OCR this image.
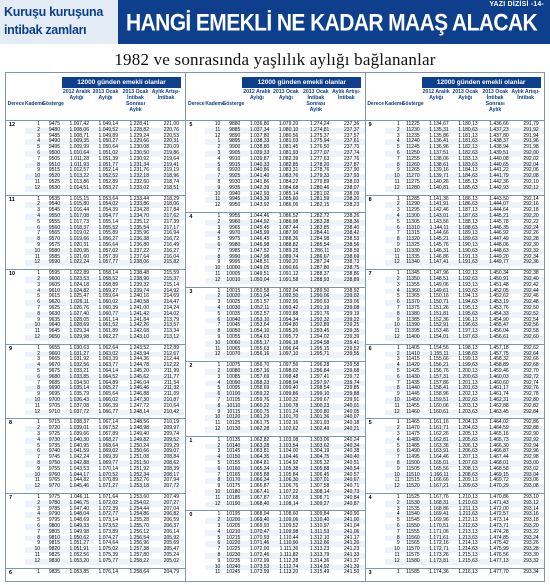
Kuruşu kuruşuna
intibak zamları
YAZI DİZİSİ -14-
HANGİ EMEKLİ NE KADAR MAAŞ ALACAK
1982 ve sonrasında yaşlılık aylığı bağlananlar
12000 günden emekli olanlar
Derece Kademe
Gösterge
2012 Aralık Aylığı
2013 Ocak Aylığı
2013 Ocak İntibak Sonrası Aylık
Aylık Artışı-İntibak
12	1	9475	1.007,42	1.049,14	1.228,41	221,00
2	9480	1.008,06	1.049,52	1.228,82	220,76
3	9485	1.008,71	1.049,89	1.229,24	220,53
4	9490	1.009,35	1.050,27	1.229,66	220,31
5	9495	1.009,99	1.050,64	1.230,08	220,09
6	9500	1.010,64	1.051,02	1.230,50	219,86
7	9505	1.011,28	1.051,39	1.230,92	219,64
8	9510	1.011,93	1.051,77	1.231,34	219,41
9	9515	1.012,57	1.052,14	1.231,76	219,19
10	9520	1.013,22	1.052,52	1.232,18	218,96
11	9525	1.013,86	1.052,89	1.232,60	218,74
12	9530	1.014,51	1.053,27	1.233,02	218,51
11	1	9535	1.015,15	1.053,64	1.233,44	218,29
2	9540	1.015,80	1.054,02	1.233,86	218,06
3	9545	1.016,44	1.054,39	1.234,28	217,84
4	9550	1.017,08	1.054,77	1.234,70	217,62
5	9555	1.017,73	1.055,14	1.235,12	217,39
6	9560	1.018,37	1.055,52	1.235,54	217,17
7	9565	1.019,02	1.055,89	1.235,96	216,94
8	9570	1.019,66	1.056,27	1.236,38	216,72
9	9575	1.020,31	1.056,64	1.236,80	216,49
10	9580	1.020,95	1.057,02	1.237,22	216,27
11	9585	1.021,60	1.057,39	1.237,64	216,04
12	9590	1.022,24	1.057,77	1.238,06	215,82
10	1	9595	1.022,89	1.058,14	1.238,48	215,59
2	9600	1.023,53	1.058,52	1.238,90	215,37
3	9605	1.024,18	1.058,89	1.239,32	215,14
4	9610	1.024,82	1.059,27	1.239,74	214,92
5	9615	1.025,47	1.059,64	1.240,16	214,69
6	9620	1.026,11	1.060,02	1.240,58	214,47
7	9625	1.026,76	1.060,39	1.241,00	214,24
8	9630	1.027,40	1.060,77	1.241,42	214,02
9	9635	1.028,05	1.061,14	1.241,84	213,79
10	9640	1.028,69	1.061,52	1.242,26	213,57
11	9645	1.029,34	1.061,89	1.242,68	213,34
12	9650	1.029,98	1.062,27	1.243,10	213,12
9	1	9655	1.030,63	1.062,64	1.243,52	212,89
2	9660	1.031,27	1.063,02	1.243,94	212,67
3	9665	1.031,92	1.063,39	1.244,36	212,44
4	9670	1.032,56	1.063,77	1.244,78	212,22
5	9675	1.033,21	1.064,14	1.245,20	211,99
6	9680	1.033,85	1.064,52	1.245,62	211,77
7	9685	1.034,50	1.064,89	1.246,04	211,54
8	9690	1.035,14	1.065,27	1.246,46	211,32
9	9695	1.035,79	1.065,64	1.246,88	211,09
10	9700	1.036,43	1.066,02	1.247,30	210,87
11	9705	1.037,08	1.066,39	1.247,72	210,64
12	9710	1.037,72	1.066,77	1.248,14	210,42
8	1	9715	1.038,37	1.067,14	1.248,56	210,19
2	9720	1.039,01	1.067,52	1.248,98	209,97
3	9725	1.039,66	1.067,89	1.249,40	209,74
4	9730	1.040,30	1.068,27	1.249,82	209,52
5	9735	1.040,95	1.068,64	1.250,24	209,29
6	9740	1.041,59	1.069,02	1.250,66	209,07
7	9745	1.042,24	1.069,39	1.251,08	208,84
8	9750	1.042,88	1.069,77	1.251,50	208,62
9	9755	1.043,53	1.070,14	1.251,92	208,39
10	9760	1.044,17	1.070,52	1.252,34	208,17
11	9765	1.044,82	1.070,89	1.252,76	207,94
12	9770	1.045,46	1.071,27	1.253,18	207,72
7	1	9775	1.046,11	1.071,64	1.253,60	207,49
2	9780	1.046,75	1.072,02	1.254,02	207,27
3	9785	1.047,40	1.072,39	1.254,44	207,04
4	9790	1.048,04	1.072,77	1.254,86	206,82
5	9795	1.048,69	1.073,14	1.255,28	206,59
6	9800	1.049,33	1.073,52	1.255,70	206,37
7	9805	1.049,98	1.073,89	1.256,12	206,14
8	9810	1.050,62	1.074,27	1.256,54	205,92
9	9815	1.051,27	1.074,64	1.256,96	205,69
10	9820	1.051,91	1.075,02	1.257,38	205,47
11	9825	1.052,56	1.075,39	1.257,80	205,24
12	9830	1.053,20	1.075,77	1.258,22	205,02
6	1	9835	1.053,85	1.076,14	1.258,64	204,79
12000 günden emekli olanlar
Derece Kademe
Gösterge
2012 Aralık Aylığı
2013 Ocak Aylığı
2013 Ocak İntibak Sonrası Aylık
Aylık Artışı-İntibak
5	10	9880	1.036,80	1.079,20	1.274,24	237,36
11	9885	1.037,34	1.080,10	1.274,81	237,37
12	9890	1.037,80	1.080,56	1.275,37	237,57
1	9895	1.038,33	1.081,03	1.275,94	237,61
2	9900	1.038,80	1.081,45	1.276,50	237,70
3	9905	1.039,33	1.081,93	1.277,07	237,74
4	9910	1.039,87	1.082,39	1.277,63	237,76
5	9915	1.040,33	1.082,85	1.278,20	237,87
6	9920	1.040,86	1.083,31	1.278,76	237,90
7	9925	1.041,40	1.083,76	1.279,33	237,93
8	9930	1.041,86	1.084,22	1.279,89	238,03
9	9935	1.042,39	1.084,68	1.280,46	238,07
10	9940	1.042,93	1.085,14	1.281,02	238,09
11	9945	1.043,39	1.085,60	1.281,59	238,20
12	9950	1.043,92	1.086,06	1.282,15	238,23
4	1	9955	1.044,46	1.086,52	1.282,72	238,26
2	9960	1.044,92	1.086,98	1.283,28	238,36
3	9965	1.045,45	1.087,44	1.283,85	238,40
4	9970	1.045,99	1.087,90	1.284,41	238,42
5	9975	1.046,45	1.088,36	1.284,98	238,53
6	9980	1.046,98	1.088,82	1.285,54	238,56
7	9985	1.047,52	1.089,28	1.286,11	238,59
8	9990	1.047,98	1.089,74	1.286,67	238,69
9	9995	1.048,51	1.090,20	1.287,24	238,73
10	10000	1.049,05	1.090,66	1.287,80	238,75
11	10005	1.049,51	1.091,12	1.288,37	238,86
12	10010	1.050,04	1.091,58	1.288,93	238,89
3	1	10015	1.050,58	1.092,04	1.289,50	238,92
2	10020	1.051,04	1.092,50	1.290,06	239,02
3	10025	1.051,57	1.092,96	1.290,63	239,06
4	10030	1.052,11	1.093,42	1.291,19	239,08
5	10035	1.052,57	1.093,88	1.291,76	239,19
6	10040	1.053,10	1.094,34	1.292,32	239,22
7	10045	1.053,64	1.094,80	1.292,89	239,25
8	10050	1.054,10	1.095,26	1.293,45	239,35
9	10055	1.054,63	1.095,72	1.294,02	239,39
10	10060	1.055,17	1.096,18	1.294,58	239,41
11	10065	1.055,63	1.096,64	1.295,15	239,52
12	10070	1.056,16	1.097,10	1.295,71	239,55
2	1	10075	1.056,70	1.097,56	1.296,28	239,58
2	10080	1.057,16	1.098,02	1.296,84	239,68
3	10085	1.057,69	1.098,48	1.297,41	239,72
4	10090	1.058,23	1.098,94	1.297,97	239,74
5	10095	1.058,69	1.099,40	1.298,54	239,85
6	10100	1.059,22	1.099,86	1.299,10	239,88
7	10105	1.059,76	1.100,32	1.299,67	239,91
8	10110	1.060,22	1.100,78	1.300,23	240,01
9	10115	1.060,75	1.101,24	1.300,80	240,05
10	10120	1.061,29	1.101,70	1.301,36	240,07
11	10125	1.061,75	1.102,16	1.301,93	240,18
12	10130	1.062,28	1.102,62	1.302,49	240,21
1	1	10135	1.062,82	1.103,08	1.303,06	240,24
2	10140	1.063,28	1.103,54	1.303,62	240,34
3	10145	1.063,81	1.104,00	1.304,19	240,38
4	10150	1.064,35	1.104,46	1.304,75	240,40
5	10155	1.064,81	1.104,92	1.305,32	240,51
6	10160	1.065,34	1.105,38	1.305,88	240,54
7	10165	1.065,88	1.105,84	1.306,45	240,57
8	10170	1.066,34	1.106,30	1.307,01	240,67
9	10175	1.066,87	1.106,76	1.307,58	240,71
10	10180	1.067,41	1.107,22	1.308,14	240,73
11	10185	1.067,87	1.107,68	1.308,71	240,84
12	10190	1.068,40	1.108,14	1.309,27	240,87
0	1	10195	1.068,94	1.108,60	1.309,84	240,90
2	10200	1.069,40	1.109,06	1.310,40	241,00
3	10205	1.069,93	1.109,52	1.310,97	241,04
4	10210	1.070,47	1.109,98	1.311,53	241,06
5	10215	1.070,93	1.110,44	1.312,10	241,17
6	10220	1.071,46	1.110,90	1.312,66	241,20
7	10225	1.072,00	1.111,36	1.313,23	241,23
8	10230	1.072,46	1.111,82	1.313,79	241,33
9	10235	1.072,99	1.112,28	1.314,36	241,37
10	10240	1.073,53	1.112,74	1.314,92	241,39
11	10245	1.073,99	1.113,20	1.315,49	241,50
12000 günden emekli olanlar
Derece Kademe
Gösterge
2012 Aralık Aylığı
2013 Ocak Aylığı
2013 Ocak İntibak Sonrası Aylık
Aylık Artışı-İntibak
9	1	11225	1.134,67	1.180,13	1.436,66	291,79
2	11230	1.135,31	1.180,63	1.437,23	291,92
3	11235	1.135,86	1.181,13	1.437,80	291,94
4	11240	1.136,41	1.181,63	1.438,37	291,96
5	11245	1.136,96	1.182,13	1.438,94	291,98
6	11250	1.137,51	1.182,63	1.439,51	292,00
7	11255	1.138,06	1.183,13	1.440,08	292,02
8	11260	1.138,61	1.183,63	1.440,65	292,04
9	11265	1.139,16	1.184,13	1.441,22	292,06
10	11270	1.139,71	1.184,63	1.441,79	292,08
11	11275	1.140,26	1.185,13	1.442,36	292,10
12	11280	1.140,81	1.185,63	1.442,93	292,12
8	1	11285	1.141,36	1.186,13	1.443,50	292,14
2	11290	1.141,91	1.186,63	1.444,07	292,16
3	11295	1.142,46	1.187,13	1.444,64	292,18
4	11300	1.143,01	1.187,63	1.445,21	292,20
5	11305	1.143,56	1.188,13	1.445,78	292,22
6	11310	1.144,11	1.188,63	1.446,35	292,24
7	11315	1.144,66	1.189,13	1.446,92	292,26
8	11320	1.145,21	1.189,63	1.447,49	292,28
9	11325	1.145,76	1.190,13	1.448,06	292,30
10	11330	1.146,31	1.190,63	1.448,63	292,32
11	11335	1.146,86	1.191,13	1.449,20	292,34
12	11340	1.147,41	1.191,63	1.449,77	292,36
7	1	11345	1.147,96	1.192,13	1.450,34	292,38
2	11350	1.148,51	1.192,63	1.450,91	292,40
3	11355	1.149,06	1.193,13	1.451,48	292,42
4	11360	1.149,61	1.193,63	1.452,05	292,44
5	11365	1.150,16	1.194,13	1.452,62	292,46
6	11370	1.150,71	1.194,63	1.453,19	292,48
7	11375	1.151,26	1.195,13	1.453,76	292,50
8	11380	1.151,81	1.195,63	1.454,33	292,52
9	11385	1.152,36	1.196,13	1.454,90	292,54
10	11390	1.152,91	1.196,63	1.455,47	292,56
11	11395	1.153,46	1.197,13	1.456,04	292,58
12	11400	1.154,01	1.197,63	1.456,61	292,60
6	1	11405	1.154,56	1.198,13	1.457,18	292,62
2	11410	1.155,11	1.198,63	1.457,75	292,64
3	11415	1.155,66	1.199,13	1.458,32	292,66
4	11420	1.156,21	1.199,63	1.458,89	292,68
5	11425	1.156,76	1.200,13	1.459,46	292,70
6	11430	1.157,31	1.200,63	1.460,03	292,72
7	11435	1.157,86	1.201,13	1.460,60	292,74
8	11440	1.158,41	1.201,63	1.461,17	292,76
9	11445	1.158,96	1.202,13	1.461,74	292,78
10	11450	1.159,51	1.202,63	1.462,31	292,80
11	11455	1.160,06	1.203,13	1.462,88	292,82
12	11460	1.160,61	1.203,63	1.463,45	292,84
5	1	11465	1.161,16	1.204,13	1.464,02	292,86
2	11470	1.161,71	1.204,63	1.464,59	292,88
3	11475	1.162,26	1.205,13	1.465,16	292,90
4	11480	1.162,81	1.205,63	1.465,73	292,92
5	11485	1.163,36	1.206,13	1.466,30	292,94
6	11490	1.163,91	1.206,63	1.466,87	292,96
7	11495	1.164,46	1.207,13	1.467,44	292,98
8	11500	1.165,01	1.207,63	1.468,01	293,00
9	11505	1.165,56	1.208,13	1.468,58	293,02
10	11510	1.166,11	1.208,63	1.469,15	293,04
11	11515	1.166,66	1.209,13	1.469,72	293,06
12	11520	1.167,21	1.209,63	1.470,29	293,08
4	1	11525	1.167,76	1.210,13	1.470,86	293,10
2	11530	1.168,31	1.210,63	1.471,43	293,12
3	11535	1.168,86	1.211,13	1.472,00	293,14
4	11540	1.169,41	1.211,63	1.472,57	293,16
5	11545	1.169,96	1.212,13	1.473,14	293,18
6	11550	1.170,51	1.212,63	1.473,71	293,20
7	11555	1.171,06	1.213,13	1.474,28	293,22
8	11560	1.171,61	1.213,63	1.474,85	293,24
9	11565	1.172,16	1.214,13	1.475,42	293,26
10	11570	1.172,71	1.214,63	1.475,99	293,28
11	11575	1.173,26	1.215,13	1.476,56	293,30
12	11580	1.173,81	1.215,63	1.477,13	293,32
3	1	11585	1.174,36	1.216,13	1.477,70	293,34
